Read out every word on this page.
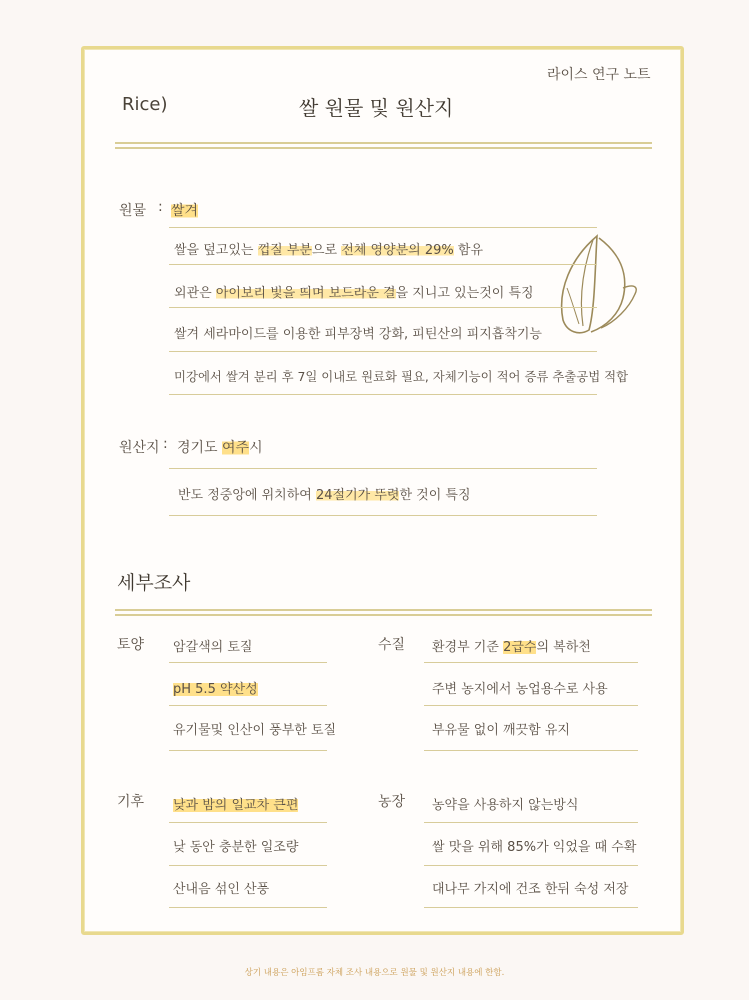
라이스 연구 노트
Rice)	쌀 원물 및 원산지
원물 : 쌀겨
쌀을 덮고있는 껍질 부분으로 전체 영양분의 29% 함유
외관은 아이보리 빛을 띄며 보드라운 결을 지니고 있는것이 특징
쌀겨 세라마이드를 이용한 피부장벽 강화, 피틴산의 피지흡착기능
미강에서 쌀겨 분리 후 7일 이내로 원료화 필요, 자체기능이 적어 증류 추출공법 적합
원산지 : 경기도 여주시
반도 정중앙에 위치하여 24절기가 뚜렷한 것이 특징
세부조사
토양 암갈색의 토질
pH 5.5 약산성
유기물및 인산이 풍부한 토질
수질 환경부 기준 2급수의 복하천
주변 농지에서 농업용수로 사용
부유물 없이 깨끗함 유지
기후 낮과 밤의 일교차 큰편
낮 동안 충분한 일조량
산내음 섞인 산풍
농장 농약을 사용하지 않는방식
쌀 맛을 위해 85%가 익었을 때 수확
대나무 가지에 건조 한뒤 숙성 저장
상기 내용은 아임프롬 자체 조사 내용으로 원물 및 원산지 내용에 한함.
